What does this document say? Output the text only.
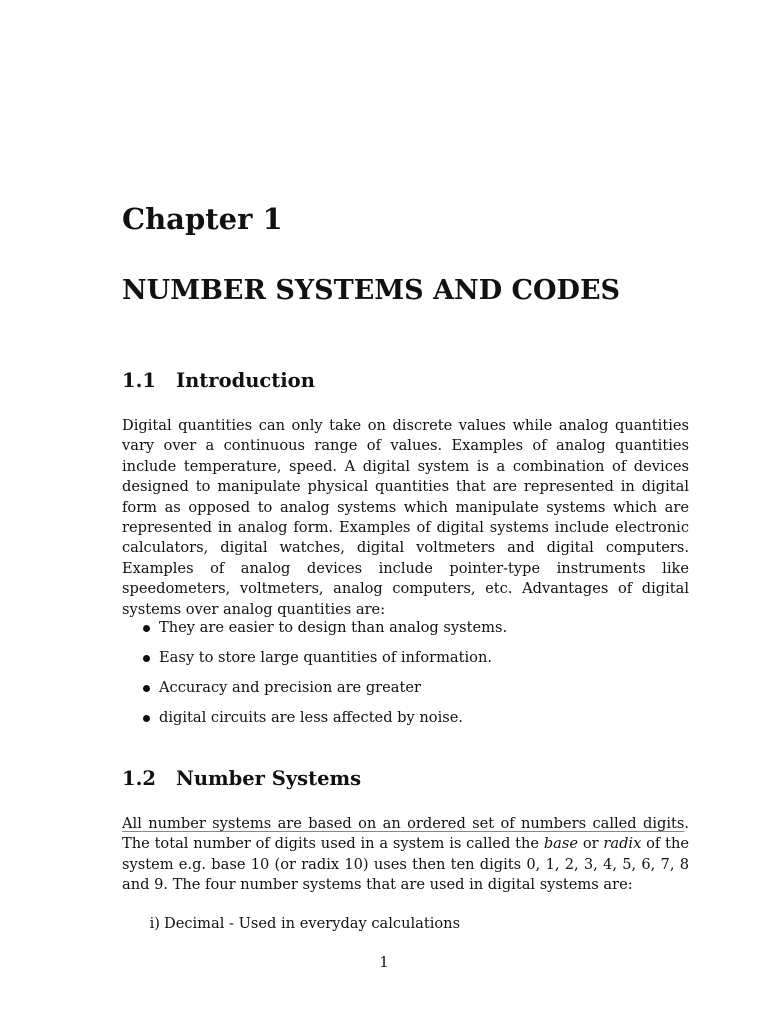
Chapter 1
NUMBER SYSTEMS AND CODES
1.1 Introduction

Digital quantities can only take on discrete values while analog quantities vary over a continuous range of values. Examples of analog quantities include temperature, speed. A digital system is a combination of devices designed to manipulate physical quantities that are represented in digital form as opposed to analog systems which manipulate systems which are represented in analog form. Examples of digital systems include electronic calculators, digital watches, digital voltmeters and digital computers. Examples of analog devices include pointer-type instruments like speedometers, voltmeters, analog computers, etc. Advantages of digital systems over analog quantities are:

They are easier to design than analog systems.
Easy to store large quantities of information.
Accuracy and precision are greater
digital circuits are less affected by noise.
1.2 Number Systems

All number systems are based on an ordered set of numbers called digits. The total number of digits used in a system is called the base or radix of the system e.g. base 10 (or radix 10) uses then ten digits 0, 1, 2, 3, 4, 5, 6, 7, 8 and 9. The four number systems that are used in digital systems are:

i) Decimal - Used in everyday calculations

1
